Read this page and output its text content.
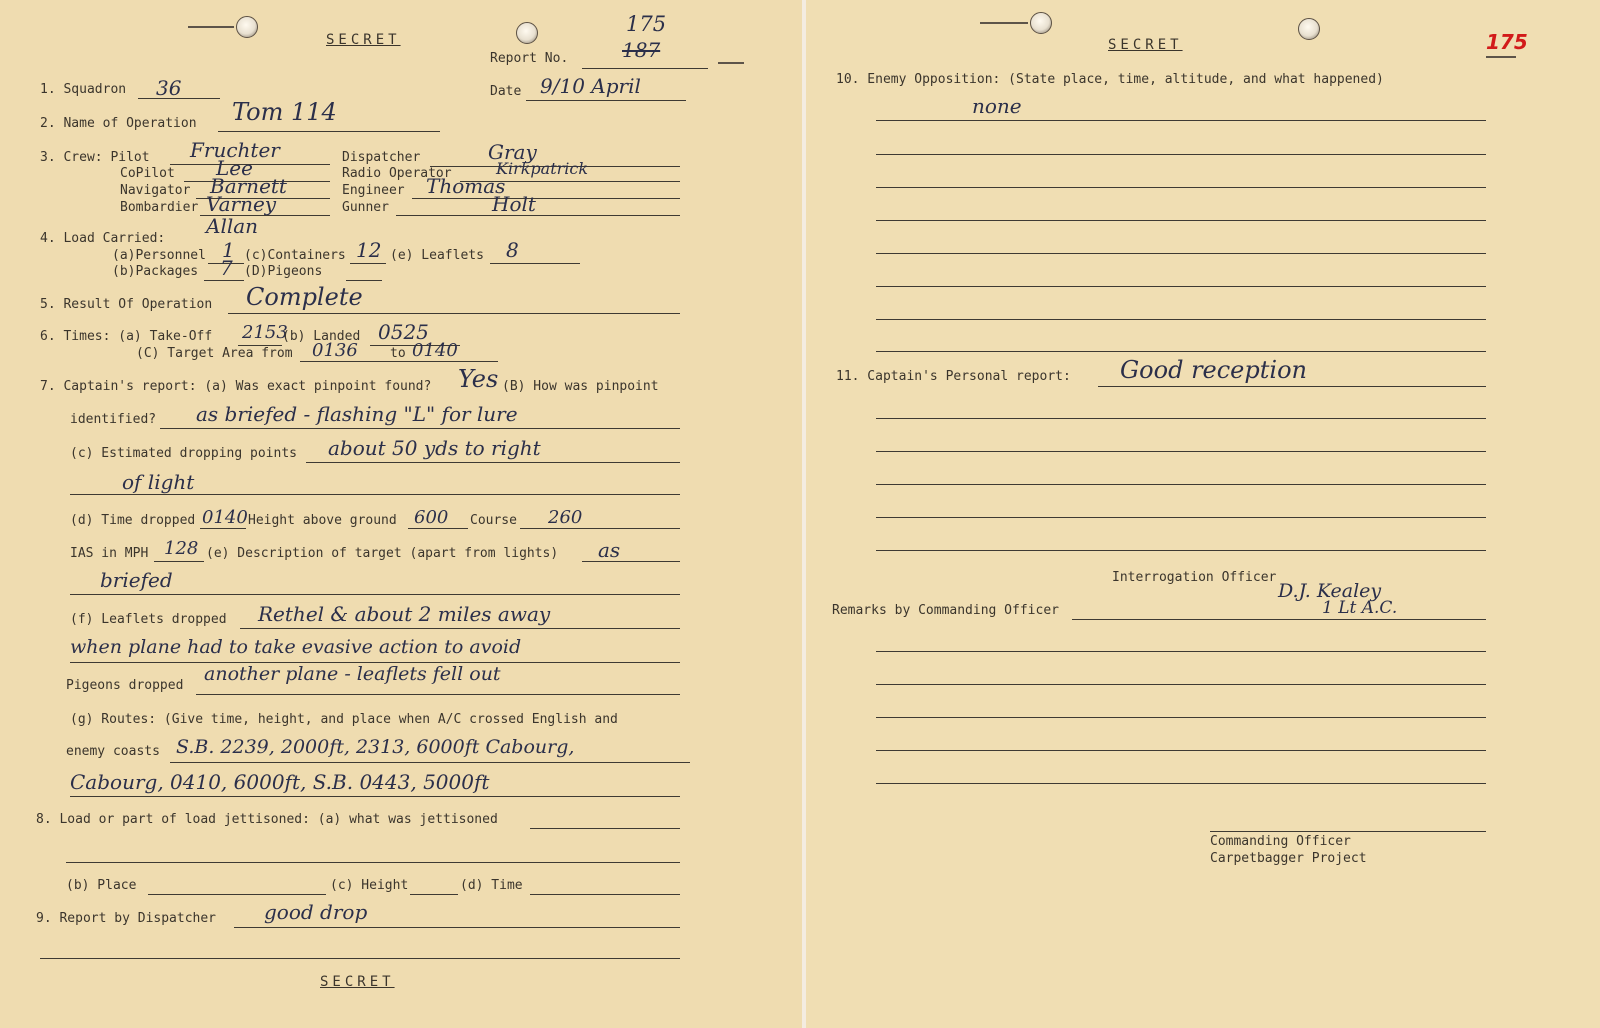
SECRET
Report No.
175
187
Date 9/10 April
1. Squadron 36
2. Name of Operation Tom 114
3. Crew: Pilot Fruchter	Dispatcher	Gray
CoPilot Lee	Radio Operator	Kirkpatrick
Navigator Barnett	Engineer Thomas
Bombardier Varney	Gunner	Holt
Allan
4. Load Carried:
(a)Personnel 1 (c)Containers 12 (e) Leaflets 8
(b)Packages 7 (D)Pigeons
5. Result Of Operation Complete
6. Times: (a) Take-Off 2153
(b) Landed 0525
(C) Target Area from 0136 to 0140
7. Captain's report: (a) Was exact pinpoint found? Yes (B) How was pinpoint
identified? as briefed - flashing "L" for lure
(c) Estimated dropping points about 50 yds to right
of light
(d) Time dropped 0140 Height above ground 600 Course 260
IAS in MPH 128 (e) Description of target (apart from lights) as
briefed
(f) Leaflets dropped Rethel & about 2 miles away
when plane had to take evasive action to avoid
Pigeons dropped
another plane - leaflets fell out
(g) Routes: (Give time, height, and place when A/C crossed English and
enemy coasts S.B. 2239, 2000ft, 2313, 6000ft Cabourg,
Cabourg, 0410, 6000ft, S.B. 0443, 5000ft
8. Load or part of load jettisoned: (a) what was jettisoned
(b) Place	(c) Height	(d) Time
9. Report by Dispatcher good drop
SECRET
175
SECRET
10. Enemy Opposition: (State place, time, altitude, and what happened)
none
11. Captain's Personal report: Good reception
Interrogation Officer
D.J. Kealey
1 Lt A.C.
Remarks by Commanding Officer
Commanding Officer
Carpetbagger Project
